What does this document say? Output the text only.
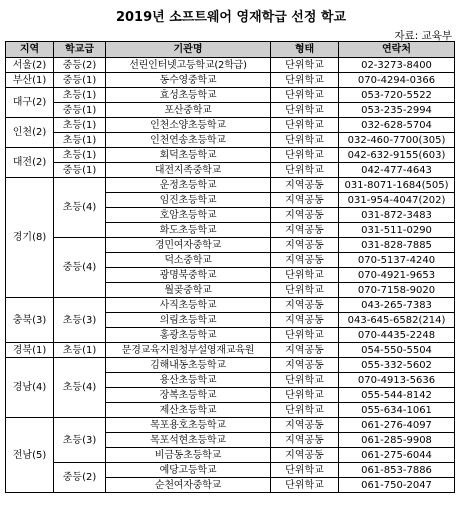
2019년 소프트웨어 영재학급 선정 학교
자료: 교육부
지역	학교급	기관명	형태	연락처
서울(2)	중등(2)	선린인터넷고등학교(2학급)	단위학교	02-3273-8400
부산(1)	중등(1)	동수영중학교	단위학교	070-4294-0366
대구(2)	초등(1)	효성초등학교	단위학교	053-720-5522
	중등(1)	포산중학교	단위학교	053-235-2994
인천(2)	초등(1)	인천소양초등학교	단위학교	032-628-5704
	초등(1)	인천연송초등학교	단위학교	032-460-7700(305)
대전(2)	초등(1)	회덕초등학교	단위학교	042-632-9155(603)
	중등(1)	대전지족중학교	단위학교	042-477-4643
경기(8)	초등(4)	운정초등학교	지역공동	031-8071-1684(505)
		임진초등학교	지역공동	031-954-4047(202)
		호암초등학교	지역공동	031-872-3483
		화도초등학교	지역공동	031-511-0290
	중등(4)	경민여자중학교	지역공동	031-828-7885
		덕소중학교	지역공동	070-5137-4240
		광명북중학교	단위학교	070-4921-9653
		월곶중학교	단위학교	070-7158-9020
충북(3)	초등(3)	사직초등학교	지역공동	043-265-7383
		의림초등학교	지역공동	043-645-6582(214)
		홍광초등학교	단위학교	070-4435-2248
경북(1)	초등(1)	문경교육지원청부설영재교육원	지역공동	054-550-5504
경남(4)	초등(4)	김해내동초등학교	지역공동	055-332-5602
		용산초등학교	단위학교	070-4913-5636
		장복초등학교	단위학교	055-544-8142
		제산초등학교	단위학교	055-634-1061
전남(5)	초등(3)	목포용호초등학교	지역공동	061-276-4097
		목포석현초등학교	지역공동	061-285-9908
		비금동초등학교	지역공동	061-275-6044
	중등(2)	예당고등학교	단위학교	061-853-7886
		순천여자중학교	단위학교	061-750-2047
